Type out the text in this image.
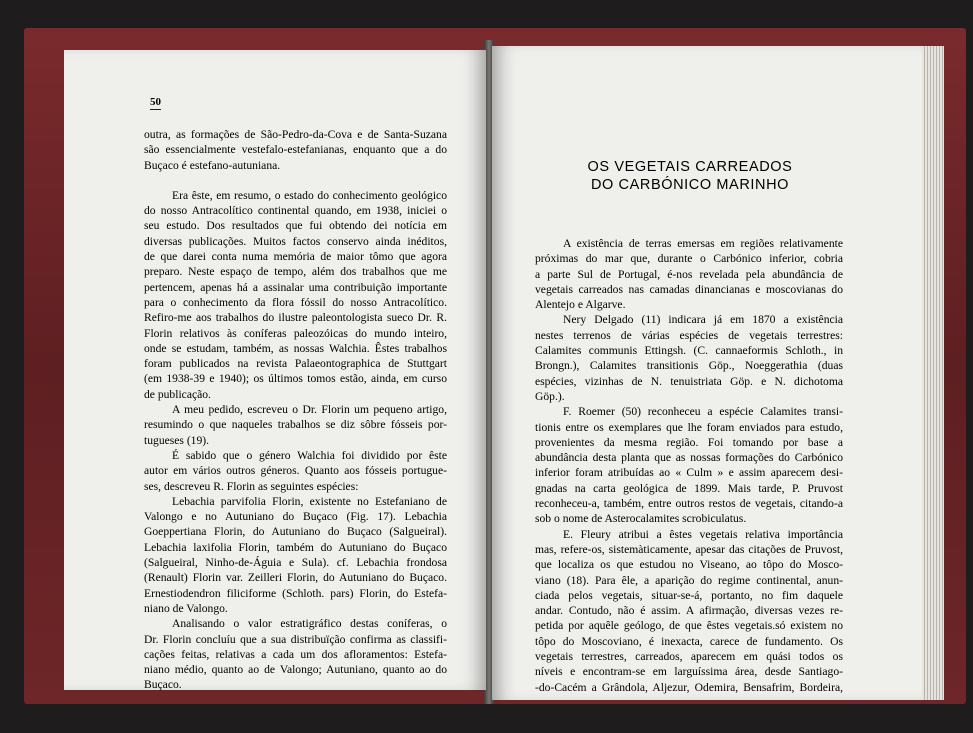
50

outra, as formações de São-Pedro-da-Cova e de Santa-Suzana
são essencialmente vestefalo-estefanianas, enquanto que a do
Buçaco é estefano-autuniana.

Era êste, em resumo, o estado do conhecimento geológico
do nosso Antracolítico continental quando, em 1938, iniciei o
seu estudo. Dos resultados que fui obtendo dei notícia em
diversas publicações. Muitos factos conservo ainda inéditos,
de que darei conta numa memória de maior tômo que agora
preparo. Neste espaço de tempo, além dos trabalhos que me
pertencem, apenas há a assinalar uma contribuição importante
para o conhecimento da flora fóssil do nosso Antracolítico.
Refiro-me aos trabalhos do ilustre paleontologista sueco Dr. R.
Florin relativos às coníferas paleozóicas do mundo inteiro,
onde se estudam, também, as nossas Walchia. Êstes trabalhos
foram publicados na revista Palaeontographica de Stuttgart
(em 1938-39 e 1940); os últimos tomos estão, ainda, em curso
de publicação.

A meu pedido, escreveu o Dr. Florin um pequeno artigo,
resumindo o que naqueles trabalhos se diz sôbre fósseis por-
tugueses (19).

É sabido que o género Walchia foi dividido por êste
autor em vários outros géneros. Quanto aos fósseis portugue-
ses, descreveu R. Florin as seguintes espécies:

Lebachia parvifolia Florin, existente no Estefaniano de
Valongo e no Autuniano do Buçaco (Fig. 17). Lebachia
Goeppertiana Florin, do Autuniano do Buçaco (Salgueiral).
Lebachia laxifolia Florin, também do Autuniano do Buçaco
(Salgueiral, Ninho-de-Águia e Sula). cf. Lebachia frondosa
(Renault) Florin var. Zeilleri Florin, do Autuniano do Buçaco.
Ernestiodendron filiciforme (Schloth. pars) Florin, do Estefa-
niano de Valongo.

Analisando o valor estratigráfico destas coníferas, o
Dr. Florin concluíu que a sua distribuïção confirma as classifi-
cações feitas, relativas a cada um dos afloramentos: Estefa-
niano médio, quanto ao de Valongo; Autuniano, quanto ao do
Buçaco.

OS VEGETAIS CARREADOS
DO CARBÓNICO MARINHO

A existência de terras emersas em regiões relativamente
próximas do mar que, durante o Carbónico inferior, cobria
a parte Sul de Portugal, é-nos revelada pela abundância de
vegetais carreados nas camadas dinancianas e moscovianas do
Alentejo e Algarve.

Nery Delgado (11) indicara já em 1870 a existência
nestes terrenos de várias espécies de vegetais terrestres:
Calamites communis Ettingsh. (C. cannaeformis Schloth., in
Brongn.), Calamites transitionis Göp., Noeggerathia (duas
espécies, vizinhas de N. tenuistriata Göp. e N. dichotoma
Göp.).

F. Roemer (50) reconheceu a espécie Calamites transi-
tionis entre os exemplares que lhe foram enviados para estudo,
provenientes da mesma região. Foi tomando por base a
abundância desta planta que as nossas formações do Carbónico
inferior foram atribuídas ao « Culm » e assim aparecem desi-
gnadas na carta geológica de 1899. Mais tarde, P. Pruvost
reconheceu-a, também, entre outros restos de vegetais, citando-a
sob o nome de Asterocalamites scrobiculatus.

E. Fleury atribui a êstes vegetais relativa importância
mas, refere-os, sistemàticamente, apesar das citações de Pruvost,
que localiza os que estudou no Viseano, ao tôpo do Mosco-
viano (18). Para êle, a aparição do regime continental, anun-
ciada pelos vegetais, situar-se-á, portanto, no fim daquele
andar. Contudo, não é assim. A afirmação, diversas vezes re-
petida por aquêle geólogo, de que êstes vegetais.só existem no
tôpo do Moscoviano, é inexacta, carece de fundamento. Os
vegetais terrestres, carreados, aparecem em quási todos os
níveis e encontram-se em larguíssima área, desde Santiago-
-do-Cacém a Grândola, Aljezur, Odemira, Bensafrim, Bordeira,
